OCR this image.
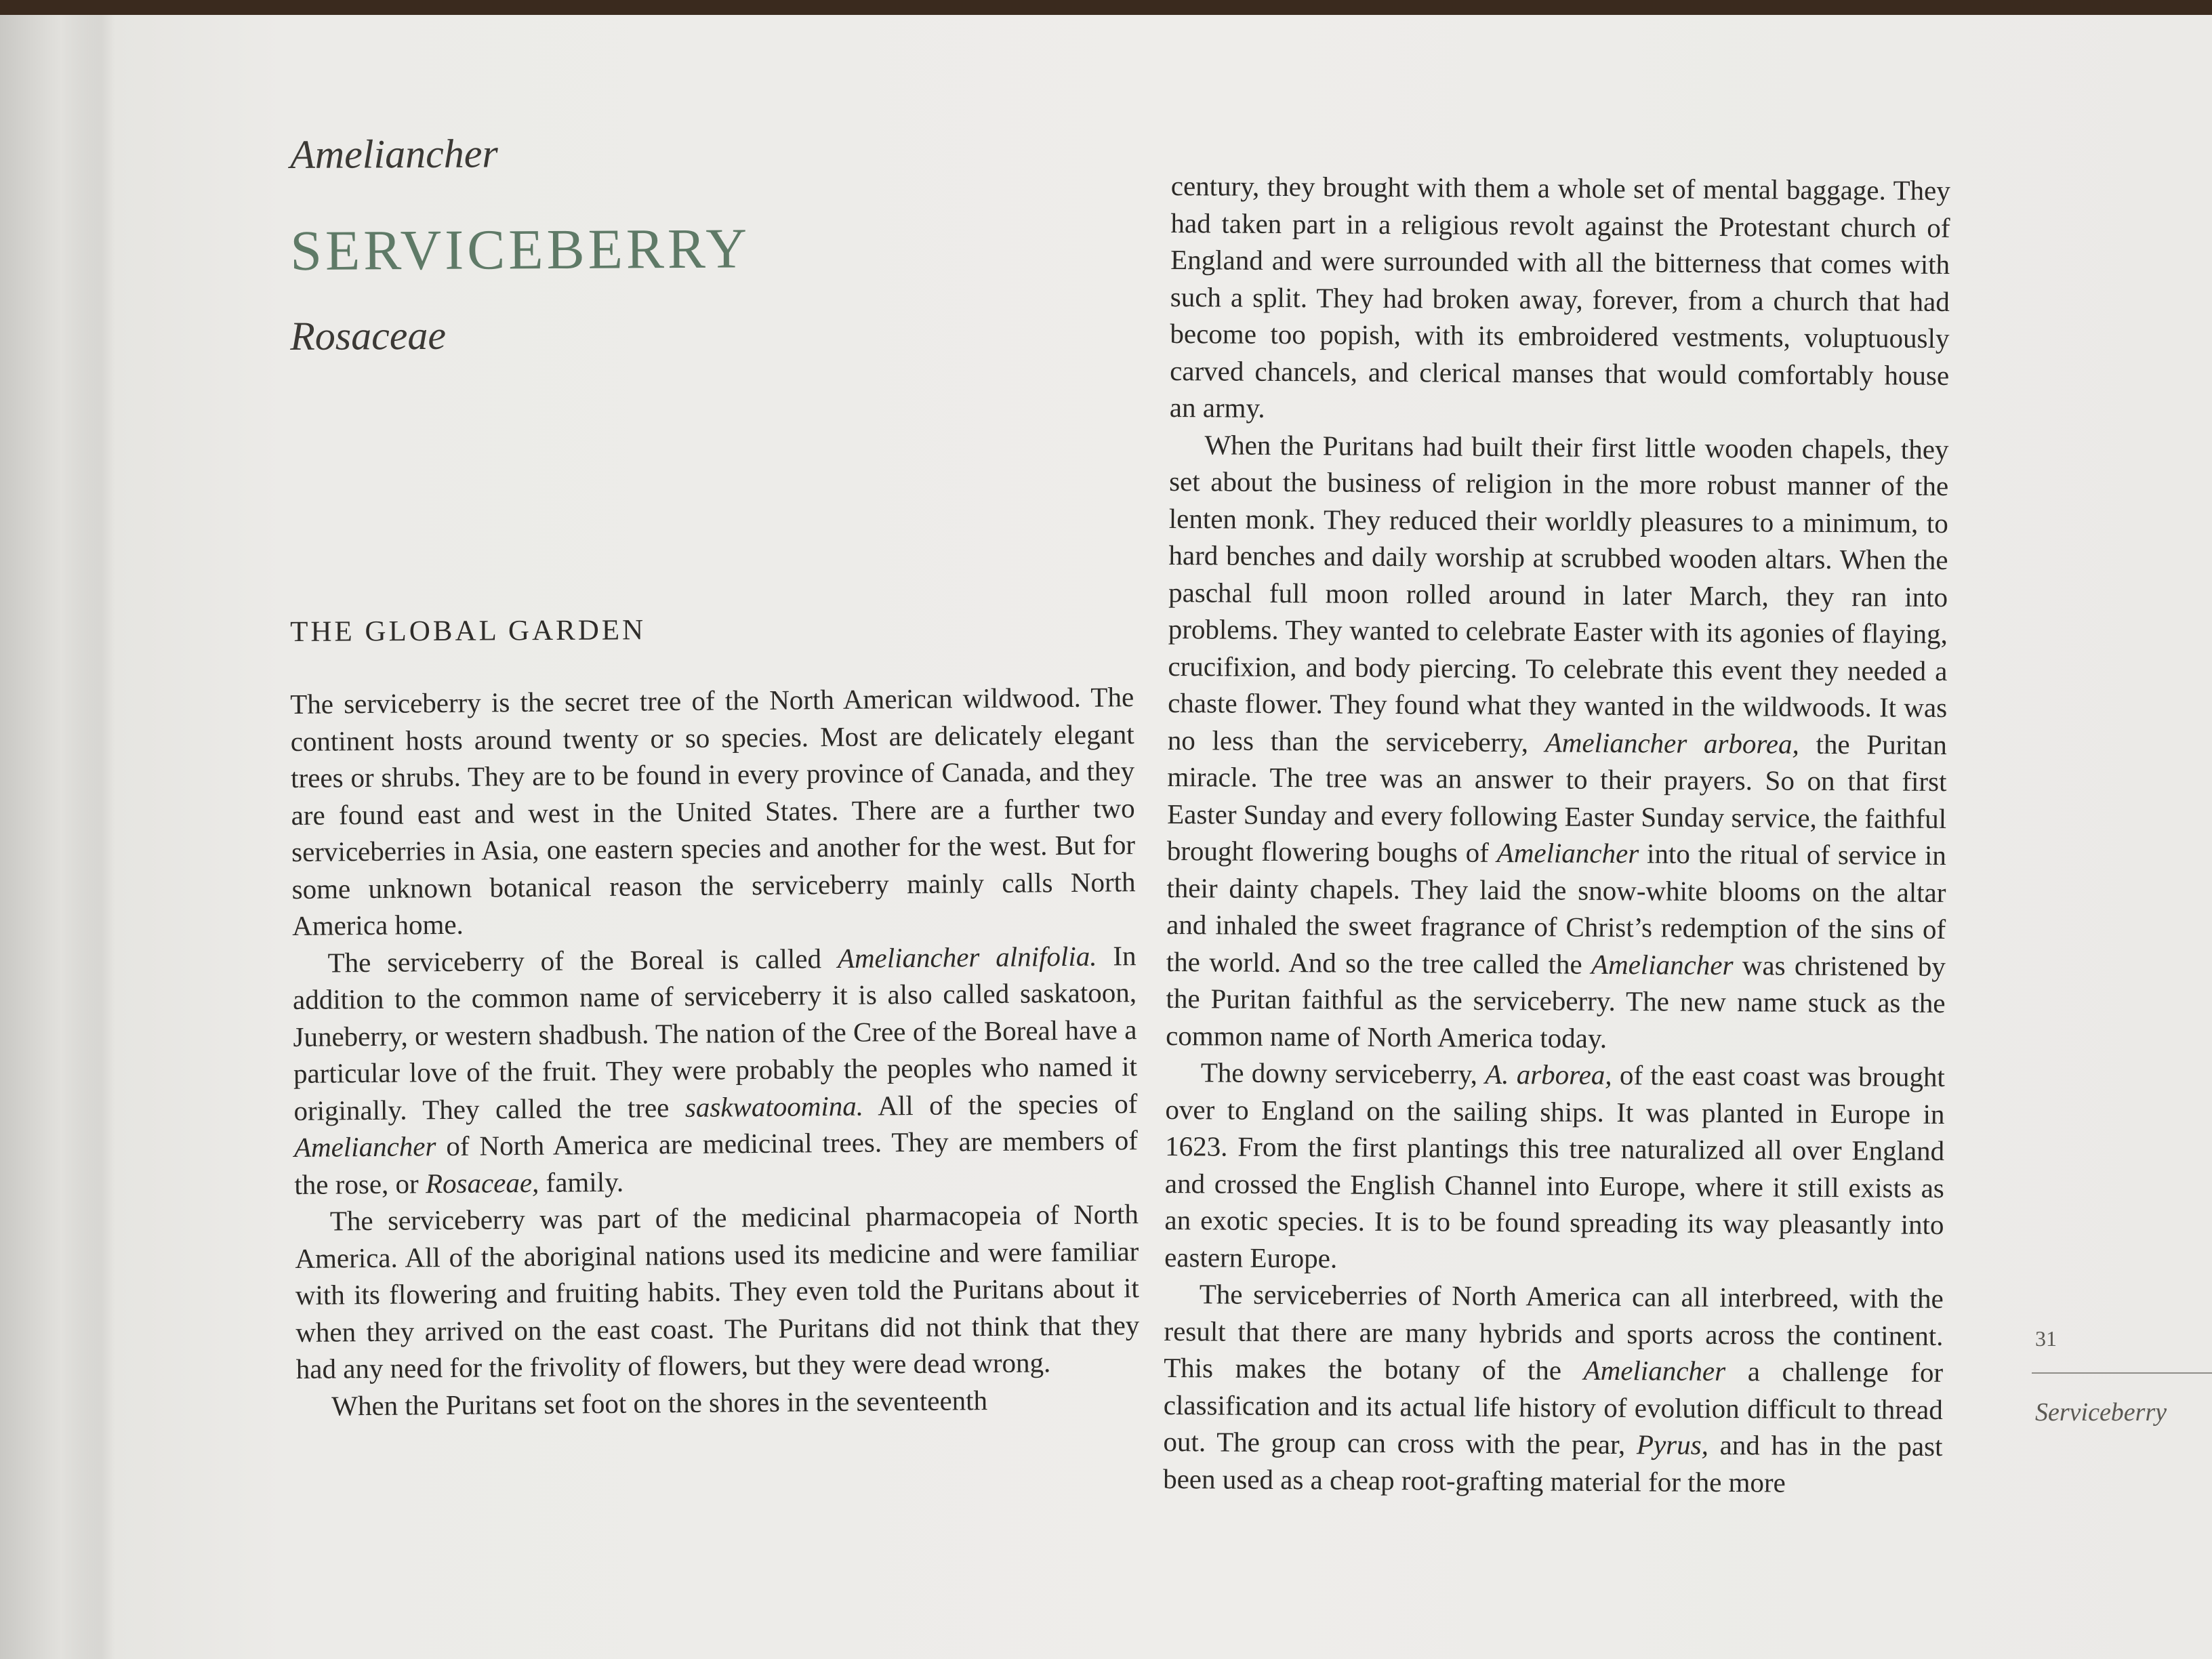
Ameliancher
SERVICEBERRY
Rosaceae
THE GLOBAL GARDEN

The serviceberry is the secret tree of the North American wildwood. The continent hosts around twenty or so species. Most are delicately elegant trees or shrubs. They are to be found in every province of Canada, and they are found east and west in the United States. There are a further two serviceberries in Asia, one eastern species and another for the west. But for some unknown botanical reason the serviceberry mainly calls North America home.

The serviceberry of the Boreal is called Ameliancher alnifolia. In addition to the common name of serviceberry it is also called saskatoon, Juneberry, or western shadbush. The nation of the Cree of the Boreal have a particular love of the fruit. They were probably the peoples who named it originally. They called the tree saskwatoomina. All of the species of Ameliancher of North America are medicinal trees. They are members of the rose, or Rosaceae, family.

The serviceberry was part of the medicinal pharmacopeia of North America. All of the aboriginal nations used its medicine and were familiar with its flowering and fruiting habits. They even told the Puritans about it when they arrived on the east coast. The Puritans did not think that they had any need for the frivolity of flowers, but they were dead wrong.

When the Puritans set foot on the shores in the seventeenth

century, they brought with them a whole set of mental baggage. They had taken part in a religious revolt against the Protestant church of England and were surrounded with all the bitterness that comes with such a split. They had broken away, forever, from a church that had become too popish, with its embroidered vestments, voluptuously carved chancels, and clerical manses that would comfortably house an army.

When the Puritans had built their first little wooden chapels, they set about the business of religion in the more robust manner of the lenten monk. They reduced their worldly pleasures to a minimum, to hard benches and daily worship at scrubbed wooden altars. When the paschal full moon rolled around in later March, they ran into problems. They wanted to celebrate Easter with its agonies of flaying, crucifixion, and body piercing. To celebrate this event they needed a chaste flower. They found what they wanted in the wildwoods. It was no less than the serviceberry, Ameliancher arborea, the Puritan miracle. The tree was an answer to their prayers. So on that first Easter Sunday and every following Easter Sunday service, the faithful brought flowering boughs of Ameliancher into the ritual of service in their dainty chapels. They laid the snow-white blooms on the altar and inhaled the sweet fragrance of Christ’s redemption of the sins of the world. And so the tree called the Ameliancher was christened by the Puritan faithful as the serviceberry. The new name stuck as the common name of North America today.

The downy serviceberry, A. arborea, of the east coast was brought over to England on the sailing ships. It was planted in Europe in 1623. From the first plantings this tree naturalized all over England and crossed the English Channel into Europe, where it still exists as an exotic species. It is to be found spreading its way pleasantly into eastern Europe.

The serviceberries of North America can all interbreed, with the result that there are many hybrids and sports across the continent. This makes the botany of the Ameliancher a challenge for classification and its actual life history of evolution difficult to thread out. The group can cross with the pear, Pyrus, and has in the past been used as a cheap root-grafting material for the more

31
Serviceberry
